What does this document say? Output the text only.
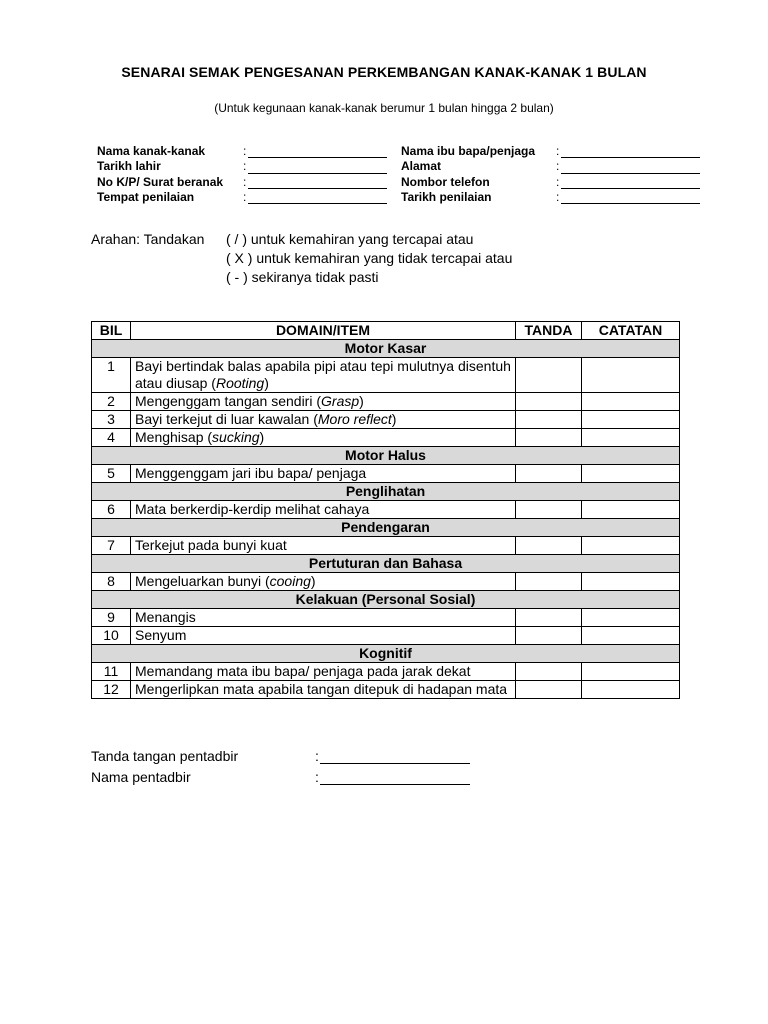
SENARAI SEMAK PENGESANAN PERKEMBANGAN KANAK-KANAK 1 BULAN
(Untuk kegunaan kanak-kanak berumur 1 bulan hingga 2 bulan)
Nama kanak-kanak	:
Tarikh lahir	:
No K/P/ Surat beranak	:
Tempat penilaian	:
Nama ibu bapa/penjaga	:
Alamat	:
Nombor telefon	:
Tarikh penilaian	:
Arahan: Tandakan	( / ) untuk kemahiran yang tercapai atau
( X ) untuk kemahiran yang tidak tercapai atau
( - ) sekiranya tidak pasti
BIL	DOMAIN/ITEM	TANDA	CATATAN
Motor Kasar			
1	Bayi bertindak balas apabila pipi atau tepi mulutnya disentuh atau diusap (Rooting)		
2	Mengenggam tangan sendiri (Grasp)		
3	Bayi terkejut di luar kawalan (Moro reflect)		
4	Menghisap (sucking)		
Motor Halus			
5	Menggenggam jari ibu bapa/ penjaga		
Penglihatan			
6	Mata berkerdip-kerdip melihat cahaya		
Pendengaran			
7	Terkejut pada bunyi kuat		
Pertuturan dan Bahasa			
8	Mengeluarkan bunyi (cooing)		
Kelakuan (Personal Sosial)			
9	Menangis		
10	Senyum		
Kognitif			
11	Memandang mata ibu bapa/ penjaga pada jarak dekat		
12	Mengerlipkan mata apabila tangan ditepuk di hadapan mata		
Tanda tangan pentadbir	:
Nama pentadbir	:
